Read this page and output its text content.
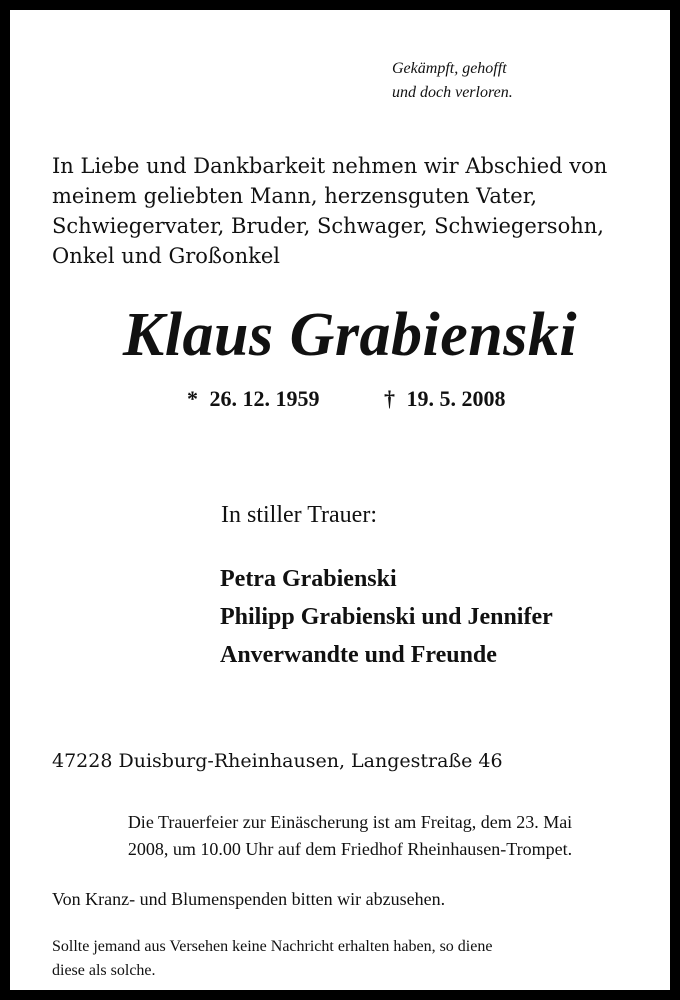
Gekämpft, gehofft
und doch verloren.
In Liebe und Dankbarkeit nehmen wir Abschied von
meinem geliebten Mann, herzensguten Vater,
Schwiegervater, Bruder, Schwager, Schwiegersohn,
Onkel und Großonkel
Klaus Grabienski
* 26. 12. 1959	† 19. 5. 2008
In stiller Trauer:
Petra Grabienski
Philipp Grabienski und Jennifer
Anverwandte und Freunde
47228 Duisburg-Rheinhausen, Langestraße 46
Die Trauerfeier zur Einäscherung ist am Freitag, dem 23. Mai
2008, um 10.00 Uhr auf dem Friedhof Rheinhausen-Trompet.
Von Kranz- und Blumenspenden bitten wir abzusehen.
Sollte jemand aus Versehen keine Nachricht erhalten haben, so diene
diese als solche.
